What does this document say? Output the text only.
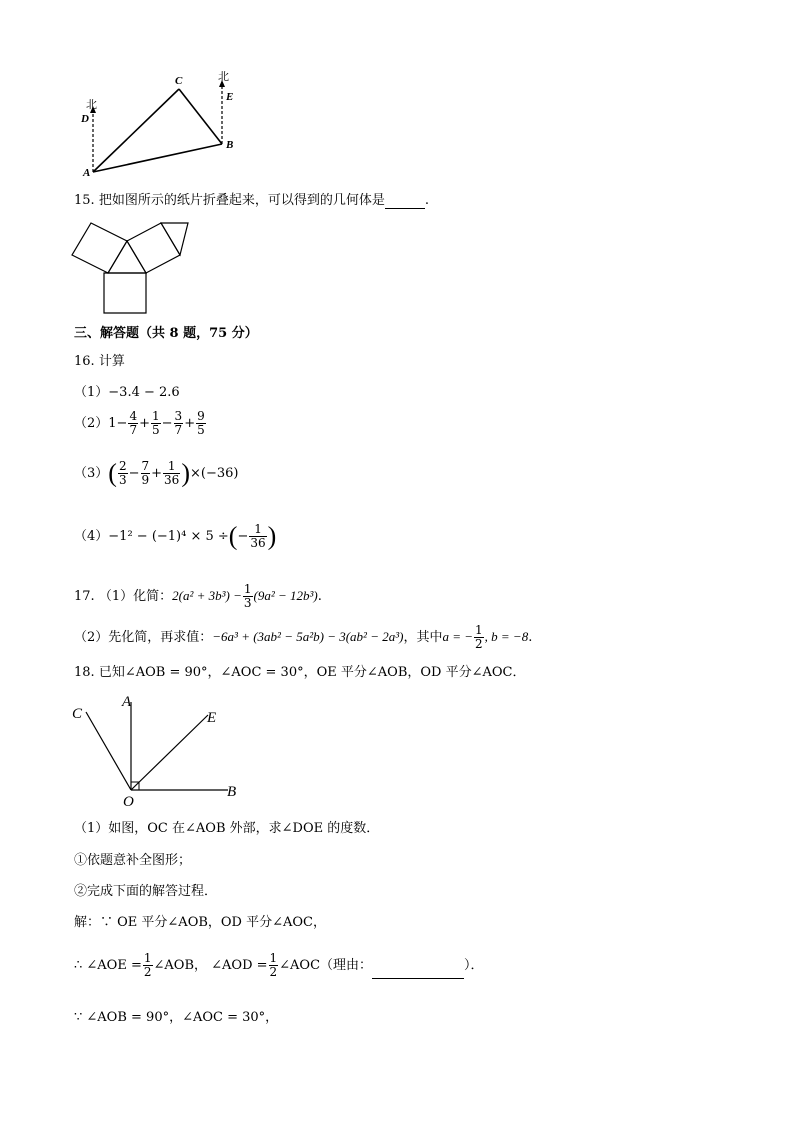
北
北
C
E
B
A
D
15. 把如图所示的纸片折叠起来，可以得到的几何体是	.
三、解答题（共 8 题，75 分）
16. 计算
（1）−3.4 − 2.6
$(2)1- \frac{4}{7} + \frac{1}{5} - \frac{3}{7} + \frac{9}{5}$
$(3)( \frac{2}{3} - \frac{7}{9} + \frac{1}{36} )\times(-36)$
（4）−1² − (−1)⁴ × 5 ÷(− $\frac{1}{36}$ )
17. （1）化简：$2(a^2 + 3b^3) - \frac{1}{3} (9a^2 - 12b^3)$.
（2）先化简，再求值：−6a³ + (3ab² − 5a²b) − 3(ab² − 2a³)，其中a = − $\frac{1}{2}$ , b = −8.
18. 已知∠AOB = 90°，∠AOC = 30°，OE 平分∠AOB，OD 平分∠AOC．
C
A
E
O
B
（1）如图，OC 在∠AOB 外部，求∠DOE 的度数．
①依题意补全图形；
②完成下面的解答过程．
解：∵ OE 平分∠AOB，OD 平分∠AOC，
∴ ∠AOE = $\frac{1}{2}$ ∠AOB， ∠AOD = $\frac{1}{2}$ ∠AOC（理由：	）．
∵ ∠AOB = 90°，∠AOC = 30°，
